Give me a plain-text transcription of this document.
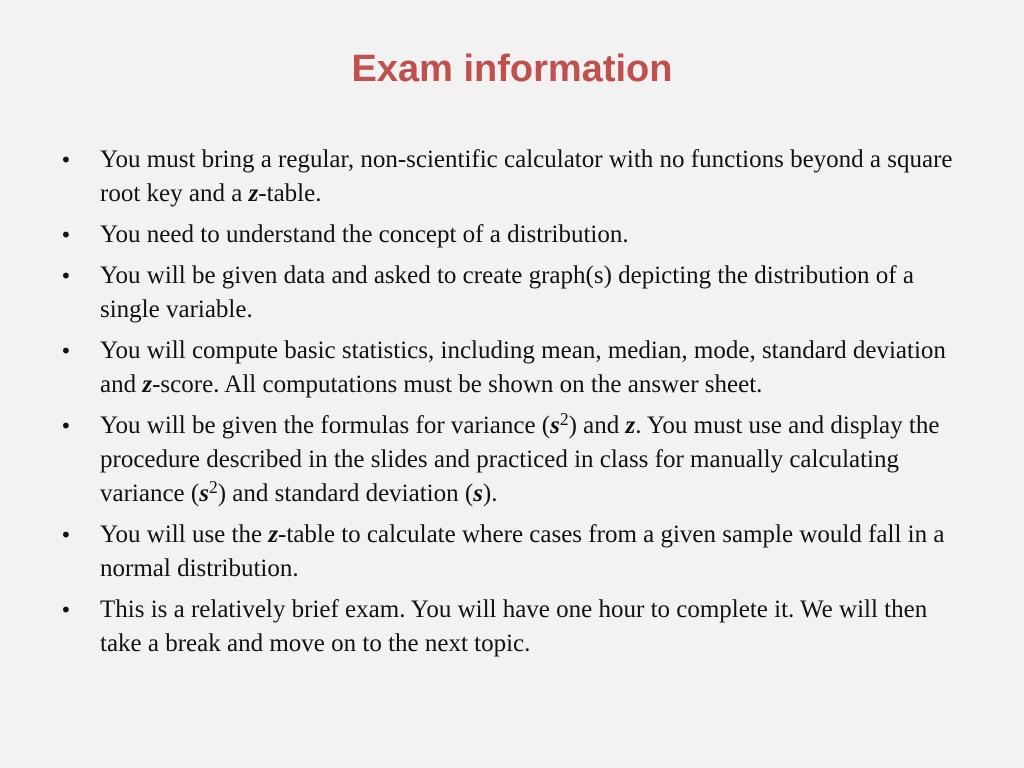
Exam information
• You must bring a regular, non-scientific calculator with no functions beyond a square root key and a z-table.
• You need to understand the concept of a distribution.
• You will be given data and asked to create graph(s) depicting the distribution of a single variable.
• You will compute basic statistics, including mean, median, mode, standard deviation and z-score. All computations must be shown on the answer sheet.
• You will be given the formulas for variance $(s^2)$ and z. You must use and display the procedure described in the slides and practiced in class for manually calculating variance $(s^2)$ and standard deviation (s).
• You will use the z-table to calculate where cases from a given sample would fall in a normal distribution.
• This is a relatively brief exam. You will have one hour to complete it. We will then take a break and move on to the next topic.
